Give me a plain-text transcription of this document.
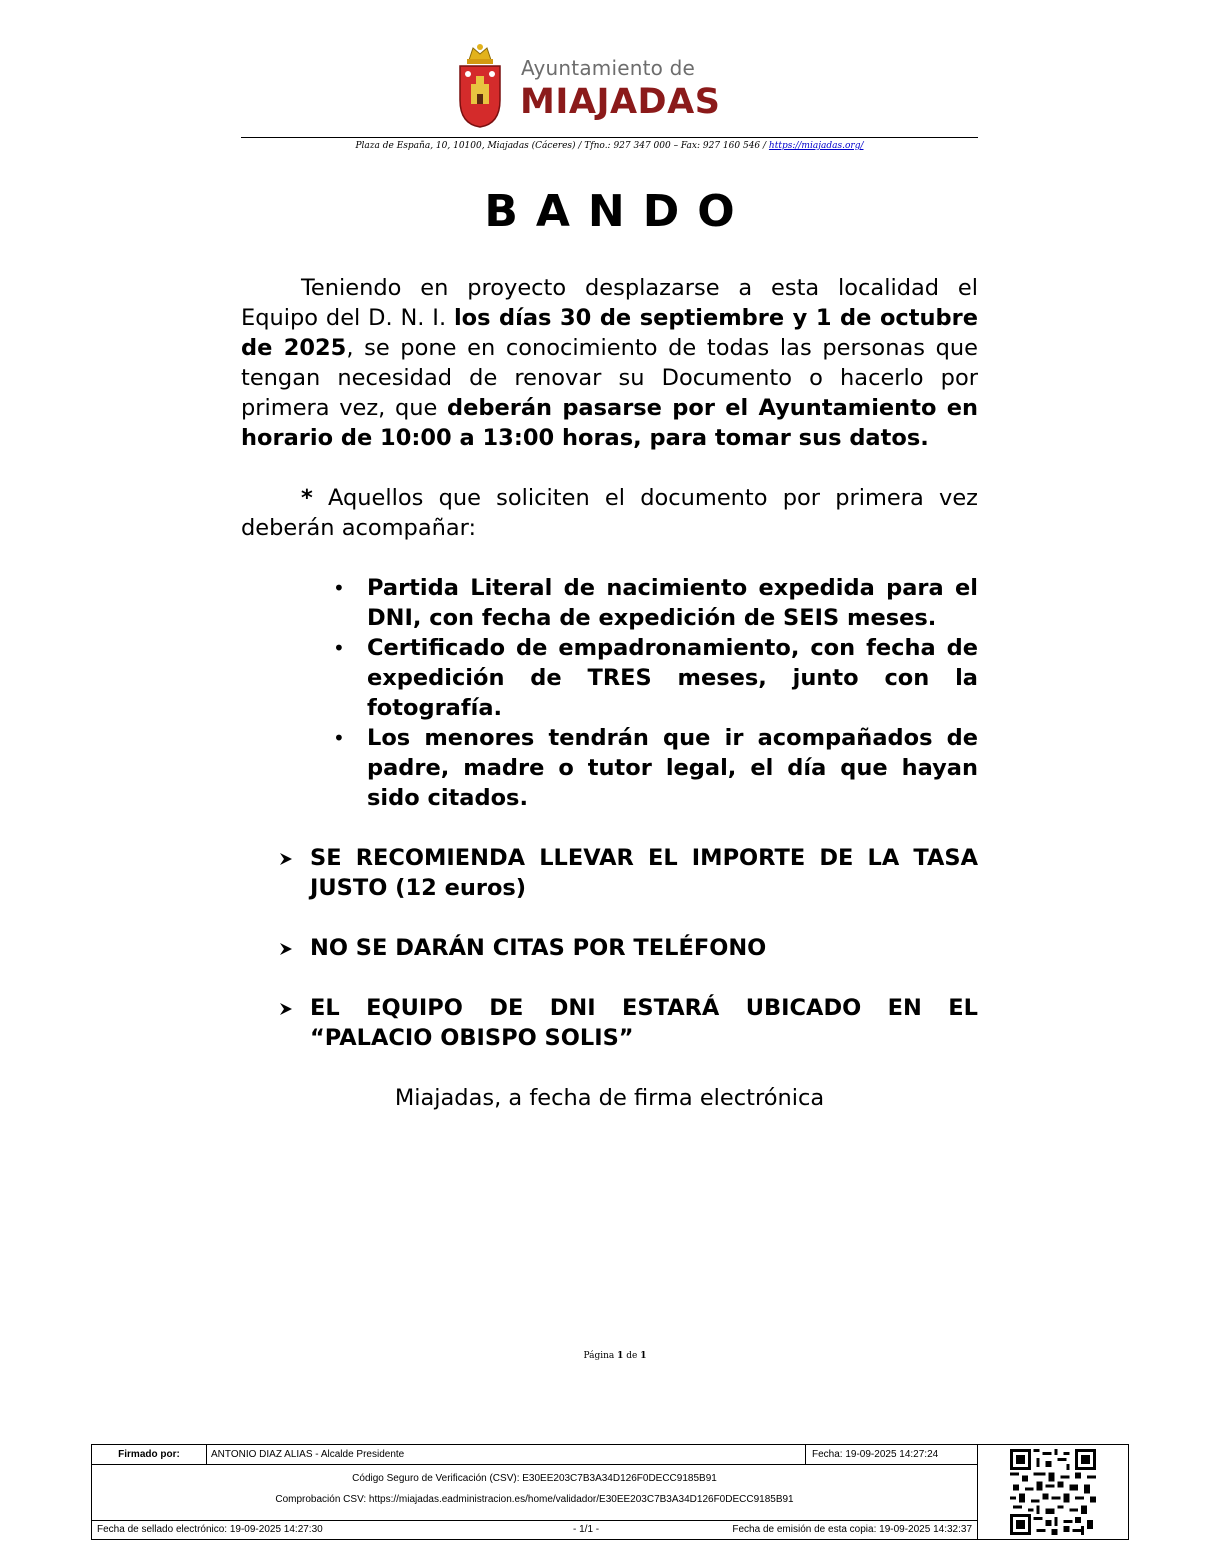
Ayuntamiento de
MIAJADAS
Plaza de España, 10, 10100, Miajadas (Cáceres) / Tfno.: 927 347 000 – Fax: 927 160 546 / https://miajadas.org/
BANDO

Teniendo en proyecto desplazarse a esta localidad el Equipo del D. N. I. los días 30 de septiembre y 1 de octubre de 2025, se pone en conocimiento de todas las personas que tengan necesidad de renovar su Documento o hacerlo por primera vez, que deberán pasarse por el Ayuntamiento en horario de 10:00 a 13:00 horas, para tomar sus datos.

* Aquellos que soliciten el documento por primera vez deberán acompañar:

• Partida Literal de nacimiento expedida para el DNI, con fecha de expedición de SEIS meses.
• Certificado de empadronamiento, con fecha de expedición de TRES meses, junto con la fotografía.
• Los menores tendrán que ir acompañados de padre, madre o tutor legal, el día que hayan sido citados.
SE RECOMIENDA LLEVAR EL IMPORTE DE LA TASA JUSTO (12 euros)
NO SE DARÁN CITAS POR TELÉFONO
EL EQUIPO DE DNI ESTARÁ UBICADO EN EL “PALACIO OBISPO SOLIS”

Miajadas, a fecha de firma electrónica

Página 1 de 1
Firmado por:	ANTONIO DIAZ ALIAS - Alcalde Presidente	Fecha: 19-09-2025 14:27:24
Código Seguro de Verificación (CSV): E30EE203C7B3A34D126F0DECC9185B91
Comprobación CSV: https://miajadas.eadministracion.es/home/validador/E30EE203C7B3A34D126F0DECC9185B91
Fecha de sellado electrónico: 19-09-2025 14:27:30	- 1/1 -	Fecha de emisión de esta copia: 19-09-2025 14:32:37
